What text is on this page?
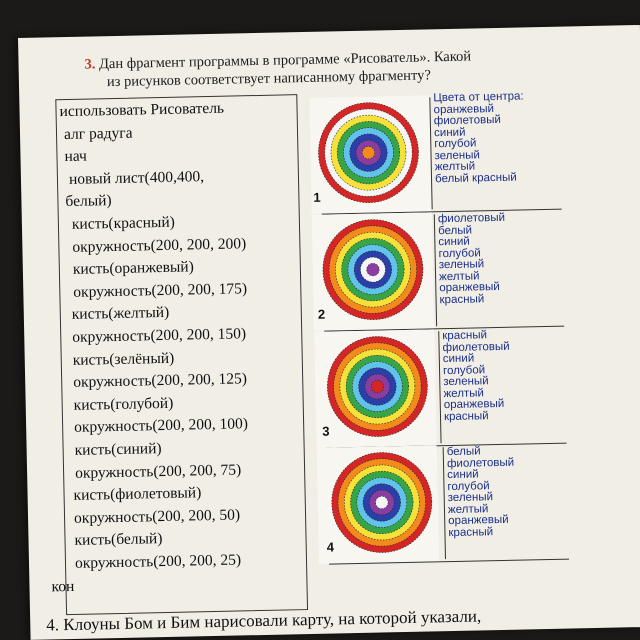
3. Дан фрагмент программы в программе «Рисователь». Какой
из рисунков соответствует написанному фрагменту?
использовать Рисователь
алг радуга
нач
новый лист(400,400,
белый)
кисть(красный)
окружность(200, 200, 200)
кисть(оранжевый)
окружность(200, 200, 175)
кисть(желтый)
окружность(200, 200, 150)
кисть(зелёный)
окружность(200, 200, 125)
кисть(голубой)
окружность(200, 200, 100)
кисть(синий)
окружность(200, 200, 75)
кисть(фиолетовый)
окружность(200, 200, 50)
кисть(белый)
окружность(200, 200, 25)
кон
1
Цвета от центра:
оранжевый
фиолетовый
синий
голубой
зеленый
желтый
белый красный
2
фиолетовый
белый
синий
голубой
зеленый
желтый
оранжевый
красный
3
красный
фиолетовый
синий
голубой
зеленый
желтый
оранжевый
красный
4
белый
фиолетовый
синий
голубой
зеленый
желтый
оранжевый
красный
4. Клоуны Бом и Бим нарисовали карту, на которой указали,
